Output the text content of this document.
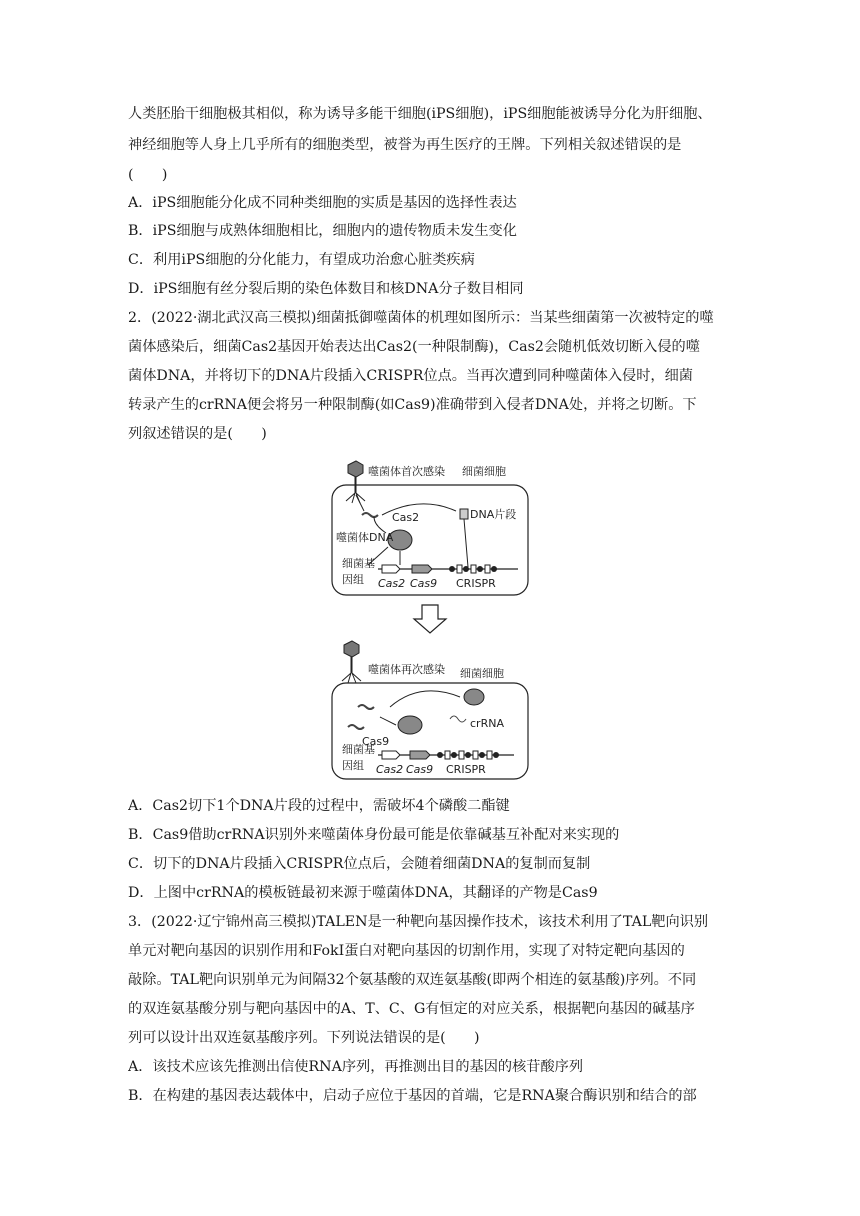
人类胚胎干细胞极其相似，称为诱导多能干细胞(iPS细胞)，iPS细胞能被诱导分化为肝细胞、
神经细胞等人身上几乎所有的细胞类型，被誉为再生医疗的王牌。下列相关叙述错误的是
(　　)
A．iPS细胞能分化成不同种类细胞的实质是基因的选择性表达
B．iPS细胞与成熟体细胞相比，细胞内的遗传物质未发生变化
C．利用iPS细胞的分化能力，有望成功治愈心脏类疾病
D．iPS细胞有丝分裂后期的染色体数目和核DNA分子数目相同
2．(2022·湖北武汉高三模拟)细菌抵御噬菌体的机理如图所示：当某些细菌第一次被特定的噬
菌体感染后，细菌Cas2基因开始表达出Cas2(一种限制酶)，Cas2会随机低效切断入侵的噬
菌体DNA，并将切下的DNA片段插入CRISPR位点。当再次遭到同种噬菌体入侵时，细菌
转录产生的crRNA便会将另一种限制酶(如Cas9)准确带到入侵者DNA处，并将之切断。下
列叙述错误的是(　　)
噬菌体首次感染 细菌细胞
Cas2
噬菌体DNA
DNA片段
细菌基
因组 Cas2 Cas9 CRISPR
噬菌体再次感染 细菌细胞
Cas9
crRNA
细菌基
因组 Cas2 Cas9 CRISPR
A．Cas2切下1个DNA片段的过程中，需破坏4个磷酸二酯键
B．Cas9借助crRNA识别外来噬菌体身份最可能是依靠碱基互补配对来实现的
C．切下的DNA片段插入CRISPR位点后，会随着细菌DNA的复制而复制
D．上图中crRNA的模板链最初来源于噬菌体DNA，其翻译的产物是Cas9
3．(2022·辽宁锦州高三模拟)TALEN是一种靶向基因操作技术，该技术利用了TAL靶向识别
单元对靶向基因的识别作用和FokⅠ蛋白对靶向基因的切割作用，实现了对特定靶向基因的
敲除。TAL靶向识别单元为间隔32个氨基酸的双连氨基酸(即两个相连的氨基酸)序列。不同
的双连氨基酸分别与靶向基因中的A、T、C、G有恒定的对应关系，根据靶向基因的碱基序
列可以设计出双连氨基酸序列。下列说法错误的是(　　)
A．该技术应该先推测出信使RNA序列，再推测出目的基因的核苷酸序列
B．在构建的基因表达载体中，启动子应位于基因的首端，它是RNA聚合酶识别和结合的部
